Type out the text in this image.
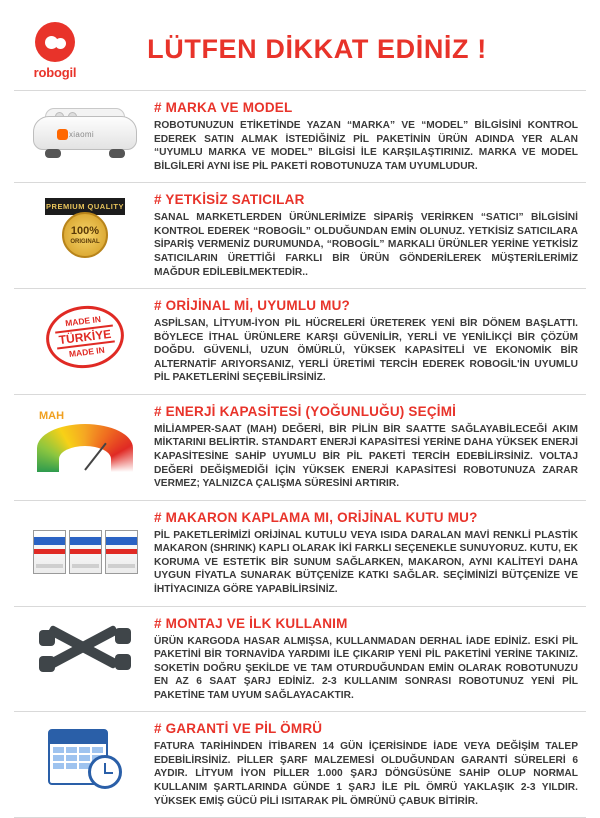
robogil
LÜTFEN DİKKAT EDİNİZ !
xiaomi

# MARKA VE MODEL

ROBOTUNUZUN ETİKETİNDE YAZAN “MARKA” VE “MODEL” BİLGİSİNİ KONTROL EDEREK SATIN ALMAK İSTEDİĞİNİZ PİL PAKETİNİN ÜRÜN ADINDA YER ALAN “UYUMLU MARKA VE MODEL” BİLGİSİ İLE KARŞILAŞTIRINIZ. MARKA VE MODEL BİLGİLERİ AYNI İSE PİL PAKETİ ROBOTUNUZA TAM UYUMLUDUR.

PREMIUM QUALITY
100%
ORIGINAL

# YETKİSİZ SATICILAR

SANAL MARKETLERDEN ÜRÜNLERİMİZE SİPARİŞ VERİRKEN “SATICI” BİLGİSİNİ KONTROL EDEREK “ROBOGİL” OLDUĞUNDAN EMİN OLUNUZ. YETKİSİZ SATICILARA SİPARİŞ VERMENİZ DURUMUNDA, “ROBOGİL” MARKALI ÜRÜNLER YERİNE YETKİSİZ SATICILARIN ÜRETTİĞİ FARKLI BİR ÜRÜN GÖNDERİLEREK MÜŞTERİLERİMİZ MAĞDUR EDİLEBİLMEKTEDİR..

MADE IN
TÜRKİYE
MADE IN

# ORİJİNAL Mİ, UYUMLU MU?

ASPİLSAN, LİTYUM-İYON PİL HÜCRELERİ ÜRETEREK YENİ BİR DÖNEM BAŞLATTI. BÖYLECE İTHAL ÜRÜNLERE KARŞI GÜVENİLİR, YERLİ VE YENİLİKÇİ BİR ÇÖZÜM DOĞDU. GÜVENLİ, UZUN ÖMÜRLÜ, YÜKSEK KAPASİTELİ VE EKONOMİK BİR ALTERNATİF ARIYORSANIZ, YERLİ ÜRETİMİ TERCİH EDEREK ROBOGİL'İN UYUMLU PİL PAKETLERİNİ SEÇEBİLİRSİNİZ.

MAH	# ENERJİ KAPASİTESİ (YOĞUNLUĞU) SEÇİMİ

MİLİAMPER-SAAT (MAH) DEĞERİ, BİR PİLİN BİR SAATTE SAĞLAYABİLECEĞİ AKIM MİKTARINI BELİRTİR. STANDART ENERJİ KAPASİTESİ YERİNE DAHA YÜKSEK ENERJİ KAPASİTESİNE SAHİP UYUMLU BİR PİL PAKETİ TERCİH EDEBİLİRSİNİZ. VOLTAJ DEĞERİ DEĞİŞMEDİĞİ İÇİN YÜKSEK ENERJİ KAPASİTESİ ROBOTUNUZA ZARAR VERMEZ; YALNIZCA ÇALIŞMA SÜRESİNİ ARTIRIR.

# MAKARON KAPLAMA MI, ORİJİNAL KUTU MU?

PİL PAKETLERİMİZİ ORİJİNAL KUTULU VEYA ISIDA DARALAN MAVİ RENKLİ PLASTİK MAKARON (SHRINK) KAPLI OLARAK İKİ FARKLI SEÇENEKLE SUNUYORUZ. KUTU, EK KORUMA VE ESTETİK BİR SUNUM SAĞLARKEN, MAKARON, AYNI KALİTEYİ DAHA UYGUN FİYATLA SUNARAK BÜTÇENİZE KATKI SAĞLAR. SEÇİMİNİZİ BÜTÇENİZE VE İHTİYACINIZA GÖRE YAPABİLİRSİNİZ.

# MONTAJ VE İLK KULLANIM

ÜRÜN KARGODA HASAR ALMIŞSA, KULLANMADAN DERHAL İADE EDİNİZ. ESKİ PİL PAKETİNİ BİR TORNAVİDA YARDIMI İLE ÇIKARIP YENİ PİL PAKETİNİ YERİNE TAKINIZ. SOKETİN DOĞRU ŞEKİLDE VE TAM OTURDUĞUNDAN EMİN OLARAK ROBOTUNUZU EN AZ 6 SAAT ŞARJ EDİNİZ. 2-3 KULLANIM SONRASI ROBOTUNUZ YENİ PİL PAKETİNE TAM UYUM SAĞLAYACAKTIR.

# GARANTİ VE PİL ÖMRÜ

FATURA TARİHİNDEN İTİBAREN 14 GÜN İÇERİSİNDE İADE VEYA DEĞİŞİM TALEP EDEBİLİRSİNİZ. PİLLER ŞARF MALZEMESİ OLDUĞUNDAN GARANTİ SÜRELERİ 6 AYDIR. LİTYUM İYON PİLLER 1.000 ŞARJ DÖNGÜSÜNE SAHİP OLUP NORMAL KULLANIM ŞARTLARINDA GÜNDE 1 ŞARJ İLE PİL ÖMRÜ YAKLAŞIK 2-3 YILDIR. YÜKSEK EMİŞ GÜCÜ PİLİ ISITARAK PİL ÖMRÜNÜ ÇABUK BİTİRİR.
